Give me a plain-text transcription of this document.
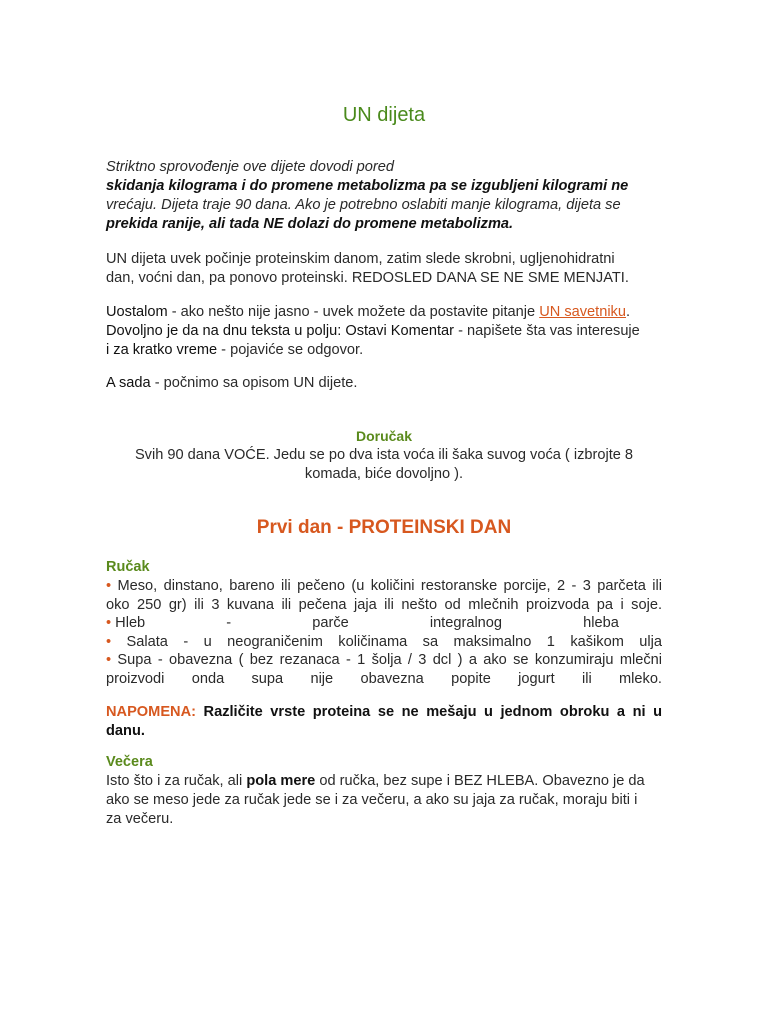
UN dijeta
Striktno sprovođenje ove dijete dovodi pored
skidanja kilograma i do promene metabolizma pa se izgubljeni kilogrami ne
vrećaju. Dijeta traje 90 dana. Ako je potrebno oslabiti manje kilograma, dijeta se
prekida ranije, ali tada NE dolazi do promene metabolizma.
UN dijeta uvek počinje proteinskim danom, zatim slede skrobni, ugljenohidratni
dan, voćni dan, pa ponovo proteinski. REDOSLED DANA SE NE SME MENJATI.
Uostalom - ako nešto nije jasno - uvek možete da postavite pitanje UN savetniku.
Dovoljno je da na dnu teksta u polju: Ostavi Komentar - napišete šta vas interesuje
i za kratko vreme - pojaviće se odgovor.
A sada - počnimo sa opisom UN dijete.
Doručak
Svih 90 dana VOĆE. Jedu se po dva ista voća ili šaka suvog voća ( izbrojte 8
komada, biće dovoljno ).
Prvi dan - PROTEINSKI DAN
Ručak
• Meso, dinstano, bareno ili pečeno (u količini restoranske porcije, 2 - 3 parčeta ili
oko 250 gr) ili 3 kuvana ili pečena jaja ili nešto od mlečnih proizvoda pa i soje.
• Hleb                    -                    parče                    integralnog                    hleba
• Salata - u neograničenim količinama sa maksimalno 1 kašikom ulja
• Supa - obavezna ( bez rezanaca - 1 šolja / 3 dcl ) a ako se konzumiraju mlečni
proizvodi onda supa nije obavezna popite jogurt ili mleko.
NAPOMENA: Različite vrste proteina se ne mešaju u jednom obroku a ni u
danu.
Večera
Isto što i za ručak, ali pola mere od ručka, bez supe i BEZ HLEBA. Obavezno je da
ako se meso jede za ručak jede se i za večeru, a ako su jaja za ručak, moraju biti i
za večeru.
